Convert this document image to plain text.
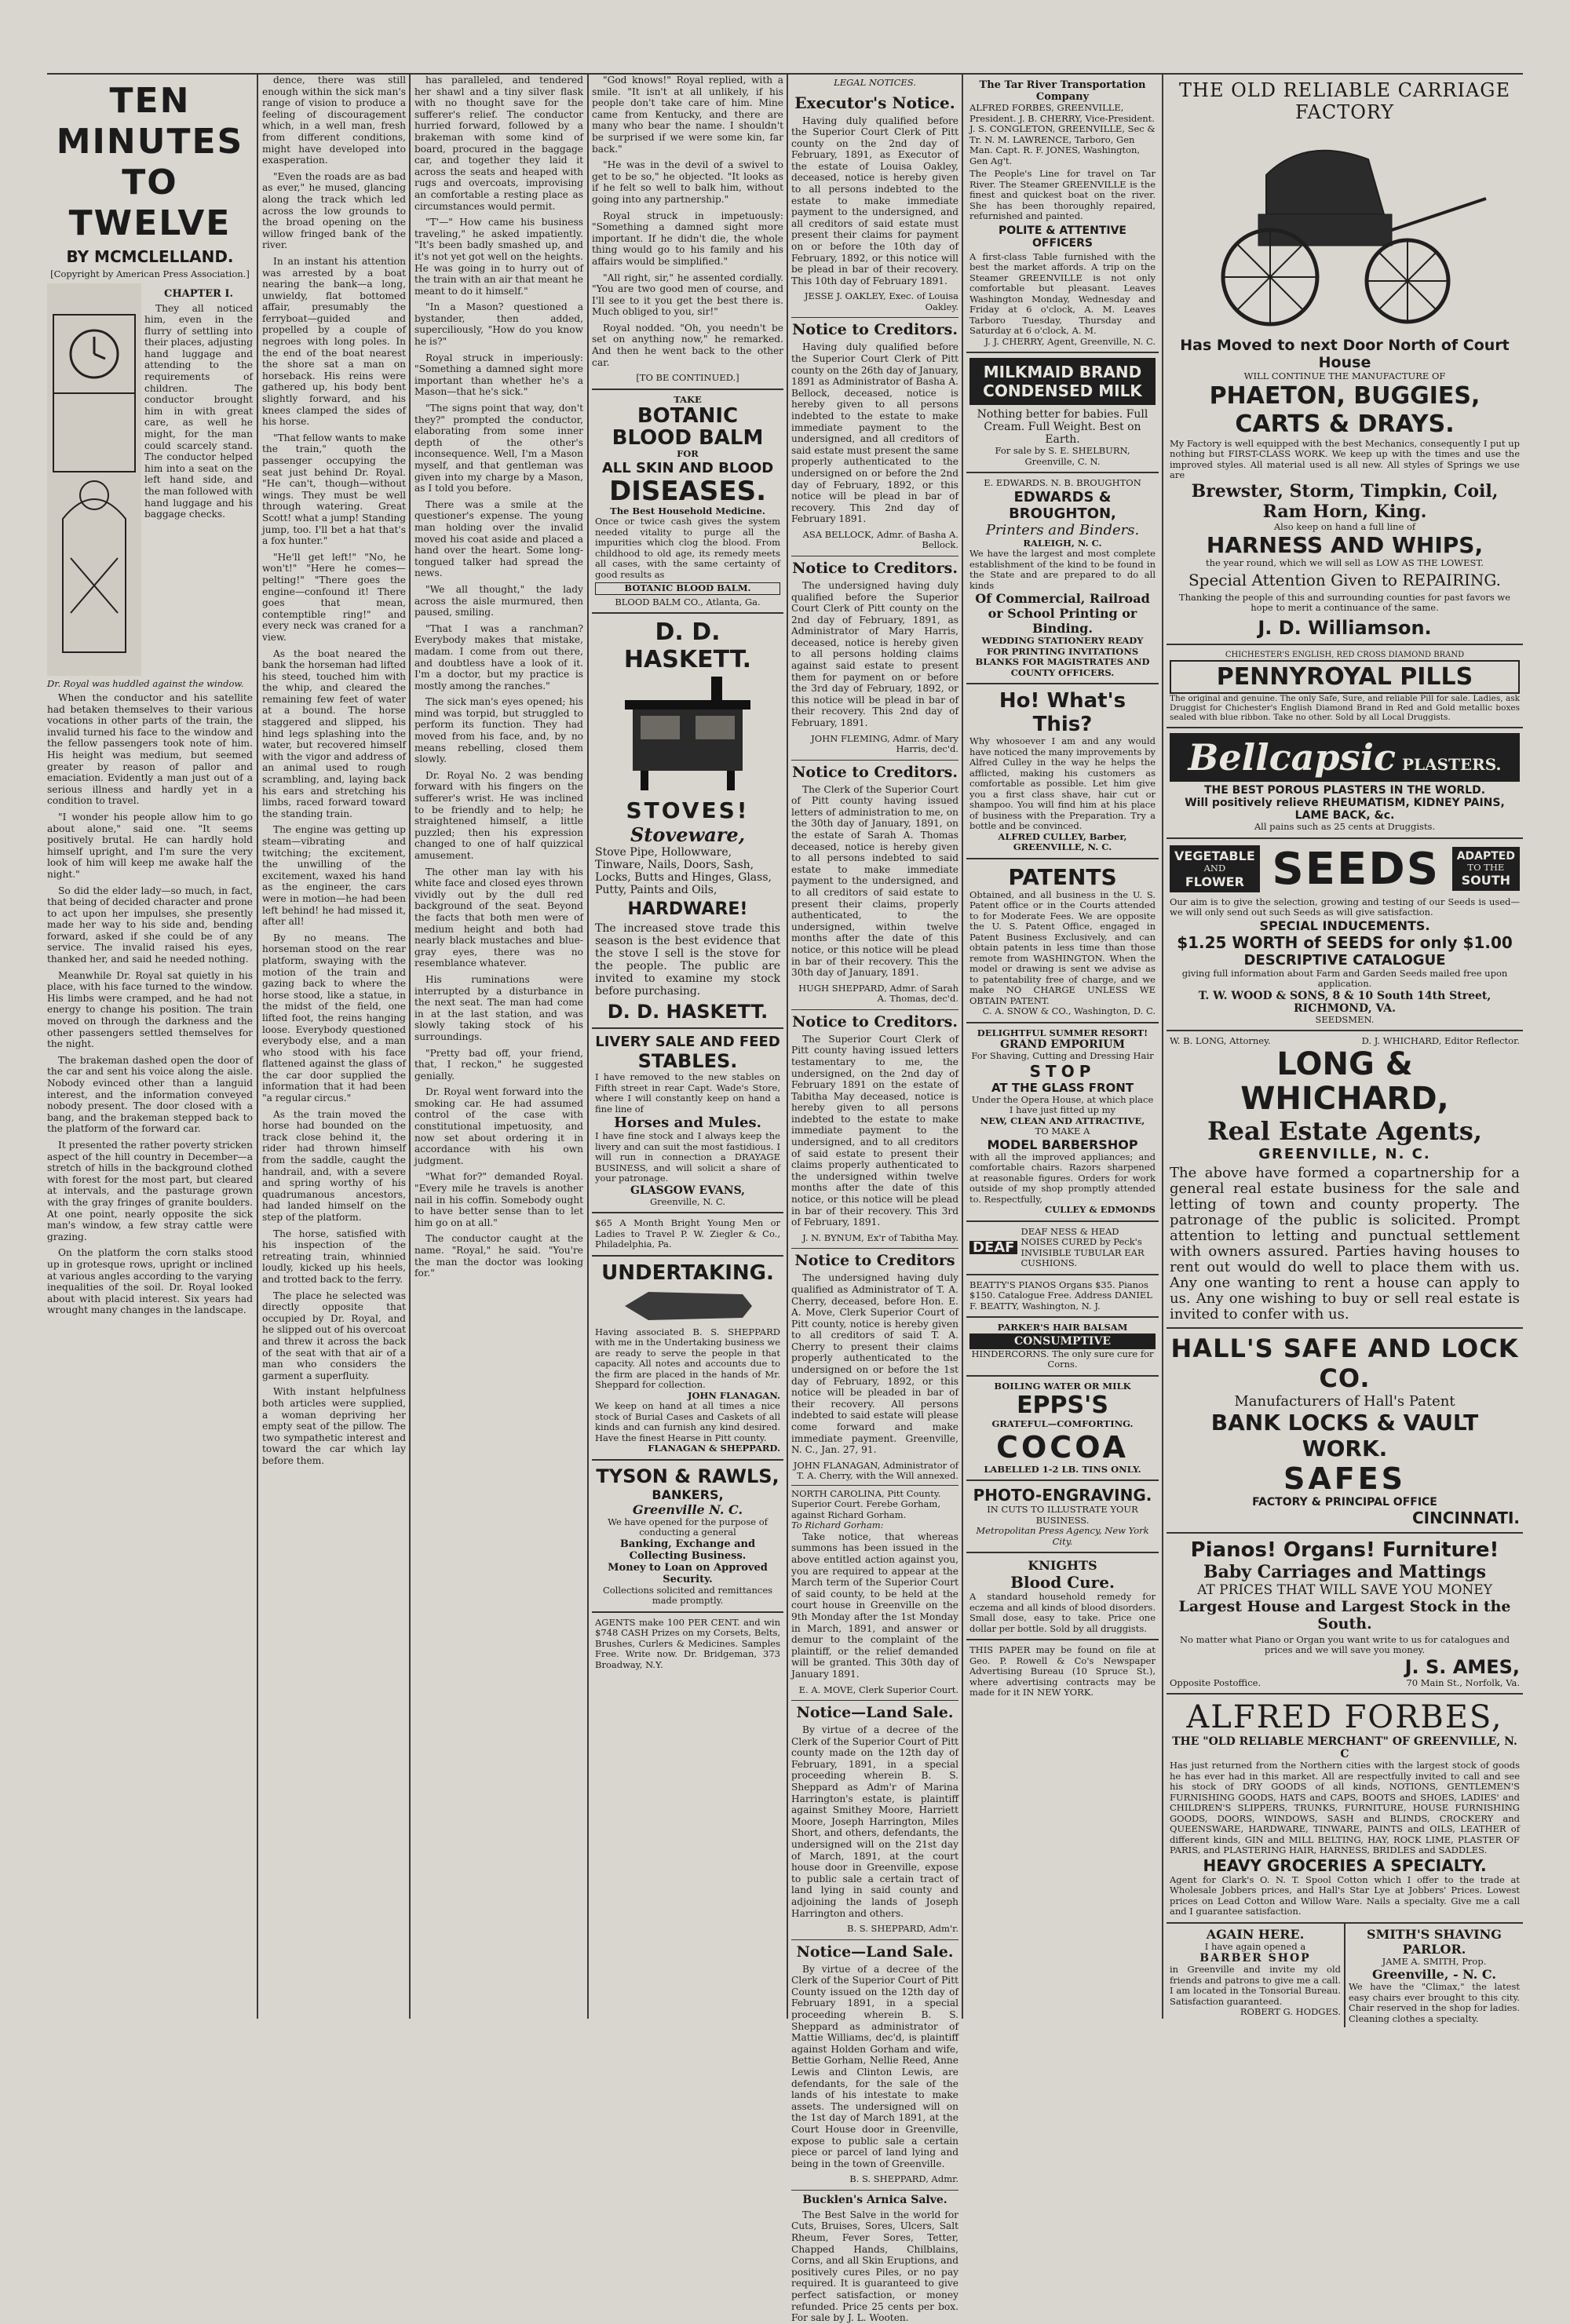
TEN MINUTES
TO TWELVE
BY MCMCLELLAND.
[Copyright by American Press Association.]
CHAPTER I.

They all noticed him, even in the flurry of settling into their places, adjusting hand luggage and attending to the requirements of children. The conductor brought him in with great care, as well he might, for the man could scarcely stand. The conductor helped him into a seat on the left hand side, and the man followed with hand luggage and his baggage checks.

Dr. Royal was huddled against the window.

When the conductor and his satellite had betaken themselves to their various vocations in other parts of the train, the invalid turned his face to the window and the fellow passengers took note of him. His height was medium, but seemed greater by reason of pallor and emaciation. Evidently a man just out of a serious illness and hardly yet in a condition to travel.

"I wonder his people allow him to go about alone," said one. "It seems positively brutal. He can hardly hold himself upright, and I'm sure the very look of him will keep me awake half the night."

So did the elder lady—so much, in fact, that being of decided character and prone to act upon her impulses, she presently made her way to his side and, bending forward, asked if she could be of any service. The invalid raised his eyes, thanked her, and said he needed nothing.

Meanwhile Dr. Royal sat quietly in his place, with his face turned to the window. His limbs were cramped, and he had not energy to change his position. The train moved on through the darkness and the other passengers settled themselves for the night.

The brakeman dashed open the door of the car and sent his voice along the aisle. Nobody evinced other than a languid interest, and the information conveyed nobody present. The door closed with a bang, and the brakeman stepped back to the platform of the forward car.

It presented the rather poverty stricken aspect of the hill country in December—a stretch of hills in the background clothed with forest for the most part, but cleared at intervals, and the pasturage grown with the gray fringes of granite boulders. At one point, nearly opposite the sick man's window, a few stray cattle were grazing.

On the platform the corn stalks stood up in grotesque rows, upright or inclined at various angles according to the varying inequalities of the soil. Dr. Royal looked about with placid interest. Six years had wrought many changes in the landscape.

dence, there was still enough within the sick man's range of vision to produce a feeling of discouragement which, in a well man, fresh from different conditions, might have developed into exasperation.

"Even the roads are as bad as ever," he mused, glancing along the track which led across the low grounds to the broad opening on the willow fringed bank of the river.

In an instant his attention was arrested by a boat nearing the bank—a long, unwieldy, flat bottomed affair, presumably the ferryboat—guided and propelled by a couple of negroes with long poles. In the end of the boat nearest the shore sat a man on horseback. His reins were gathered up, his body bent slightly forward, and his knees clamped the sides of his horse.

"That fellow wants to make the train," quoth the passenger occupying the seat just behind Dr. Royal. "He can't, though—without wings. They must be well through watering. Great Scott! what a jump! Standing jump, too. I'll bet a hat that's a fox hunter."

"He'll get left!" "No, he won't!" "Here he comes—pelting!" "There goes the engine—confound it! There goes that mean, contemptible ring!" and every neck was craned for a view.

As the boat neared the bank the horseman had lifted his steed, touched him with the whip, and cleared the remaining few feet of water at a bound. The horse staggered and slipped, his hind legs splashing into the water, but recovered himself with the vigor and address of an animal used to rough scrambling, and, laying back his ears and stretching his limbs, raced forward toward the standing train.

The engine was getting up steam—vibrating and twitching; the excitement, the unwilling of the excitement, waxed his hand as the engineer, the cars were in motion—he had been left behind! he had missed it, after all!

By no means. The horseman stood on the rear platform, swaying with the motion of the train and gazing back to where the horse stood, like a statue, in the midst of the field, one lifted foot, the reins hanging loose. Everybody questioned everybody else, and a man who stood with his face flattened against the glass of the car door supplied the information that it had been "a regular circus."

As the train moved the horse had bounded on the track close behind it, the rider had thrown himself from the saddle, caught the handrail, and, with a severe and spring worthy of his quadrumanous ancestors, had landed himself on the step of the platform.

The horse, satisfied with his inspection of the retreating train, whinnied loudly, kicked up his heels, and trotted back to the ferry.

The place he selected was directly opposite that occupied by Dr. Royal, and he slipped out of his overcoat and threw it across the back of the seat with that air of a man who considers the garment a superfluity.

With instant helpfulness both articles were supplied, a woman depriving her empty seat of the pillow. The two sympathetic interest and toward the car which lay before them.

has paralleled, and tendered her shawl and a tiny silver flask with no thought save for the sufferer's relief. The conductor hurried forward, followed by a brakeman with some kind of board, procured in the baggage car, and together they laid it across the seats and heaped with rugs and overcoats, improvising an comfortable a resting place as circumstances would permit.

"T'—" How came his business traveling," he asked impatiently. "It's been badly smashed up, and it's not yet got well on the heights. He was going in to hurry out of the train with an air that meant he meant to do it himself."

"In a Mason? questioned a bystander, then added, superciliously, "How do you know he is?"

Royal struck in imperiously: "Something a damned sight more important than whether he's a Mason—that he's sick."

"The signs point that way, don't they?" prompted the conductor, elaborating from some inner depth of the other's inconsequence. Well, I'm a Mason myself, and that gentleman was given into my charge by a Mason, as I told you before.

There was a smile at the questioner's expense. The young man holding over the invalid moved his coat aside and placed a hand over the heart. Some long-tongued talker had spread the news.

"We all thought," the lady across the aisle murmured, then paused, smiling.

"That I was a ranchman? Everybody makes that mistake, madam. I come from out there, and doubtless have a look of it. I'm a doctor, but my practice is mostly among the ranches."

The sick man's eyes opened; his mind was torpid, but struggled to perform its function. They had moved from his face, and, by no means rebelling, closed them slowly.

Dr. Royal No. 2 was bending forward with his fingers on the sufferer's wrist. He was inclined to be friendly and to help; he straightened himself, a little puzzled; then his expression changed to one of half quizzical amusement.

The other man lay with his white face and closed eyes thrown vividly out by the dull red background of the seat. Beyond the facts that both men were of medium height and both had nearly black mustaches and blue-gray eyes, there was no resemblance whatever.

His ruminations were interrupted by a disturbance in the next seat. The man had come in at the last station, and was slowly taking stock of his surroundings.

"Pretty bad off, your friend, that, I reckon," he suggested genially.

Dr. Royal went forward into the smoking car. He had assumed control of the case with constitutional impetuosity, and now set about ordering it in accordance with his own judgment.

"What for?" demanded Royal. "Every mile he travels is another nail in his coffin. Somebody ought to have better sense than to let him go on at all."

The conductor caught at the name. "Royal," he said. "You're the man the doctor was looking for."

"God knows!" Royal replied, with a smile. "It isn't at all unlikely, if his people don't take care of him. Mine came from Kentucky, and there are many who bear the name. I shouldn't be surprised if we were some kin, far back."

"He was in the devil of a swivel to get to be so," he objected. "It looks as if he felt so well to balk him, without going into any partnership."

Royal struck in impetuously: "Something a damned sight more important. If he didn't die, the whole thing would go to his family and his affairs would be simplified."

"All right, sir," he assented cordially. "You are two good men of course, and I'll see to it you get the best there is. Much obliged to you, sir!"

Royal nodded. "Oh, you needn't be set on anything now," he remarked. And then he went back to the other car.

[TO BE CONTINUED.]
TAKE
BOTANIC BLOOD BALM
FOR
ALL SKIN AND BLOOD
DISEASES.
The Best Household Medicine.
Once or twice cash gives the system needed vitality to purge all the impurities which clog the blood. From childhood to old age, its remedy meets all cases, with the same certainty of good results as
BOTANIC BLOOD BALM.
BLOOD BALM CO., Atlanta, Ga.
D. D. HASKETT.
STOVES!
Stoveware,
Stove Pipe, Hollowware, Tinware, Nails, Doors, Sash, Locks, Butts and Hinges, Glass, Putty, Paints and Oils,
HARDWARE!
The increased stove trade this season is the best evidence that the stove I sell is the stove for the people. The public are invited to examine my stock before purchasing.
D. D. HASKETT.
LIVERY SALE AND FEED
STABLES.
I have removed to the new stables on Fifth street in rear Capt. Wade's Store, where I will constantly keep on hand a fine line of
Horses and Mules.
I have fine stock and I always keep the livery and can suit the most fastidious. I will run in connection a DRAYAGE BUSINESS, and will solicit a share of your patronage.
GLASGOW EVANS,
Greenville, N. C.
$65 A Month Bright Young Men or Ladies to Travel P. W. Ziegler & Co., Philadelphia, Pa.
UNDERTAKING.
Having associated B. S. SHEPPARD with me in the Undertaking business we are ready to serve the people in that capacity. All notes and accounts due to the firm are placed in the hands of Mr. Sheppard for collection.
JOHN FLANAGAN.
We keep on hand at all times a nice stock of Burial Cases and Caskets of all kinds and can furnish any kind desired. Have the finest Hearse in Pitt county.
FLANAGAN & SHEPPARD.
TYSON & RAWLS,
BANKERS,
Greenville N. C.
We have opened for the purpose of conducting a general
Banking, Exchange and Collecting Business.
Money to Loan on Approved Security.
Collections solicited and remittances made promptly.
AGENTS make 100 PER CENT. and win $748 CASH Prizes on my Corsets, Belts, Brushes, Curlers & Medicines. Samples Free. Write now. Dr. Bridgeman, 373 Broadway, N.Y.
LEGAL NOTICES.
Executor's Notice.

Having duly qualified before the Superior Court Clerk of Pitt county on the 2nd day of February, 1891, as Executor of the estate of Louisa Oakley, deceased, notice is hereby given to all persons indebted to the estate to make immediate payment to the undersigned, and all creditors of said estate must present their claims for payment on or before the 10th day of February, 1892, or this notice will be plead in bar of their recovery. This 10th day of February 1891.

JESSE J. OAKLEY, Exec. of Louisa Oakley.
Notice to Creditors.

Having duly qualified before the Superior Court Clerk of Pitt county on the 26th day of January, 1891 as Administrator of Basha A. Bellock, deceased, notice is hereby given to all persons indebted to the estate to make immediate payment to the undersigned, and all creditors of said estate must present the same properly authenticated to the undersigned on or before the 2nd day of February, 1892, or this notice will be plead in bar of recovery. This 2nd day of February 1891.

ASA BELLOCK, Admr. of Basha A. Bellock.
Notice to Creditors.

The undersigned having duly qualified before the Superior Court Clerk of Pitt county on the 2nd day of February, 1891, as Administrator of Mary Harris, deceased, notice is hereby given to all persons holding claims against said estate to present them for payment on or before the 3rd day of February, 1892, or this notice will be plead in bar of their recovery. This 2nd day of February, 1891.

JOHN FLEMING, Admr. of Mary Harris, dec'd.
Notice to Creditors.

The Clerk of the Superior Court of Pitt county having issued letters of administration to me, on the 30th day of January, 1891, on the estate of Sarah A. Thomas deceased, notice is hereby given to all persons indebted to said estate to make immediate payment to the undersigned, and to all creditors of said estate to present their claims, properly authenticated, to the undersigned, within twelve months after the date of this notice, or this notice will be plead in bar of their recovery. This the 30th day of January, 1891.

HUGH SHEPPARD, Admr. of Sarah A. Thomas, dec'd.
Notice to Creditors.

The Superior Court Clerk of Pitt county having issued letters testamentary to me, the undersigned, on the 2nd day of February 1891 on the estate of Tabitha May deceased, notice is hereby given to all persons indebted to the estate to make immediate payment to the undersigned, and to all creditors of said estate to present their claims properly authenticated to the undersigned within twelve months after the date of this notice, or this notice will be plead in bar of their recovery. This 3rd of February, 1891.

J. N. BYNUM, Ex'r of Tabitha May.
Notice to Creditors

The undersigned having duly qualified as Administrator of T. A. Cherry, deceased, before Hon. E. A. Move, Clerk Superior Court of Pitt county, notice is hereby given to all creditors of said T. A. Cherry to present their claims properly authenticated to the undersigned on or before the 1st day of February, 1892, or this notice will be pleaded in bar of their recovery. All persons indebted to said estate will please come forward and make immediate payment. Greenville, N. C., Jan. 27, 91.

JOHN FLANAGAN, Administrator of T. A. Cherry, with the Will annexed.
NORTH CAROLINA, Pitt County. Superior Court. Ferebe Gorham, against Richard Gorham.
To Richard Gorham:

Take notice, that whereas summons has been issued in the above entitled action against you, you are required to appear at the March term of the Superior Court of said county, to be held at the court house in Greenville on the 9th Monday after the 1st Monday in March, 1891, and answer or demur to the complaint of the plaintiff, or the relief demanded will be granted. This 30th day of January 1891.

E. A. MOVE, Clerk Superior Court.
Notice—Land Sale.

By virtue of a decree of the Clerk of the Superior Court of Pitt county made on the 12th day of February, 1891, in a special proceeding wherein B. S. Sheppard as Adm'r of Marina Harrington's estate, is plaintiff against Smithey Moore, Harriett Moore, Joseph Harrington, Miles Short, and others, defendants, the undersigned will on the 21st day of March, 1891, at the court house door in Greenville, expose to public sale a certain tract of land lying in said county and adjoining the lands of Joseph Harrington and others.

B. S. SHEPPARD, Adm'r.
Notice—Land Sale.

By virtue of a decree of the Clerk of the Superior Court of Pitt County issued on the 12th day of February 1891, in a special proceeding wherein B. S. Sheppard as administrator of Mattie Williams, dec'd, is plaintiff against Holden Gorham and wife, Bettie Gorham, Nellie Reed, Anne Lewis and Clinton Lewis, are defendants, for the sale of the lands of his intestate to make assets. The undersigned will on the 1st day of March 1891, at the Court House door in Greenville, expose to public sale a certain piece or parcel of land lying and being in the town of Greenville.

B. S. SHEPPARD, Admr.
Bucklen's Arnica Salve.

The Best Salve in the world for Cuts, Bruises, Sores, Ulcers, Salt Rheum, Fever Sores, Tetter, Chapped Hands, Chilblains, Corns, and all Skin Eruptions, and positively cures Piles, or no pay required. It is guaranteed to give perfect satisfaction, or money refunded. Price 25 cents per box. For sale by J. L. Wooten.

The Tar River Transportation Company
ALFRED FORBES, GREENVILLE, President. J. B. CHERRY, Vice-President. J. S. CONGLETON, GREENVILLE, Sec & Tr. N. M. LAWRENCE, Tarboro, Gen Man. Capt. R. F. JONES, Washington, Gen Ag't.
The People's Line for travel on Tar River. The Steamer GREENVILLE is the finest and quickest boat on the river. She has been thoroughly repaired, refurnished and painted.
POLITE & ATTENTIVE OFFICERS
A first-class Table furnished with the best the market affords. A trip on the Steamer GREENVILLE is not only comfortable but pleasant. Leaves Washington Monday, Wednesday and Friday at 6 o'clock, A. M. Leaves Tarboro Tuesday, Thursday and Saturday at 6 o'clock, A. M.
J. J. CHERRY, Agent, Greenville, N. C.
MILKMAID BRAND CONDENSED MILK
Nothing better for babies. Full Cream. Full Weight. Best on Earth.
For sale by S. E. SHELBURN, Greenville, C. N.
E. EDWARDS. N. B. BROUGHTON
EDWARDS & BROUGHTON,
Printers and Binders.
RALEIGH, N. C.
We have the largest and most complete establishment of the kind to be found in the State and are prepared to do all kinds
Of Commercial, Railroad or School Printing or Binding.
WEDDING STATIONERY READY FOR PRINTING INVITATIONS BLANKS FOR MAGISTRATES AND COUNTY OFFICERS.
Ho! What's This?
Why whosoever I am and any would have noticed the many improvements by Alfred Culley in the way he helps the afflicted, making his customers as comfortable as possible. Let him give you a first class shave, hair cut or shampoo. You will find him at his place of business with the Preparation. Try a bottle and be convinced.
ALFRED CULLEY, Barber, GREENVILLE, N. C.
PATENTS
Obtained, and all business in the U. S. Patent office or in the Courts attended to for Moderate Fees. We are opposite the U. S. Patent Office, engaged in Patent Business Exclusively, and can obtain patents in less time than those remote from WASHINGTON. When the model or drawing is sent we advise as to patentability free of charge, and we make NO CHARGE UNLESS WE OBTAIN PATENT.
C. A. SNOW & CO., Washington, D. C.
DELIGHTFUL SUMMER RESORT!
GRAND EMPORIUM
For Shaving, Cutting and Dressing Hair
STOP
AT THE GLASS FRONT
Under the Opera House, at which place I have just fitted up my
NEW, CLEAN AND ATTRACTIVE,
TO MAKE A
MODEL BARBERSHOP
with all the improved appliances; and comfortable chairs. Razors sharpened at reasonable figures. Orders for work outside of my shop promptly attended to. Respectfully,
CULLEY & EDMONDS
DEAF
DEAF NESS & HEAD NOISES CURED by Peck's INVISIBLE TUBULAR EAR CUSHIONS.
BEATTY'S PIANOS Organs $35. Pianos $150. Catalogue Free. Address DANIEL F. BEATTY, Washington, N. J.
PARKER'S HAIR BALSAM
CONSUMPTIVE
HINDERCORNS. The only sure cure for Corns.
BOILING WATER OR MILK
EPPS'S
GRATEFUL—COMFORTING.
COCOA
LABELLED 1-2 LB. TINS ONLY.
PHOTO-ENGRAVING.
IN CUTS TO ILLUSTRATE YOUR BUSINESS.
Metropolitan Press Agency, New York City.
KNIGHTS
Blood Cure.
A standard household remedy for eczema and all kinds of blood disorders. Small dose, easy to take. Price one dollar per bottle. Sold by all druggists.
THIS PAPER may be found on file at Geo. P. Rowell & Co's Newspaper Advertising Bureau (10 Spruce St.), where advertising contracts may be made for it IN NEW YORK.
THE OLD RELIABLE CARRIAGE FACTORY
Has Moved to next Door North of Court House
WILL CONTINUE THE MANUFACTURE OF
PHAETON, BUGGIES, CARTS & DRAYS.
My Factory is well equipped with the best Mechanics, consequently I put up nothing but FIRST-CLASS WORK. We keep up with the times and use the improved styles. All material used is all new. All styles of Springs we use are
Brewster, Storm, Timpkin, Coil, Ram Horn, King.
Also keep on hand a full line of
HARNESS AND WHIPS,
the year round, which we will sell as LOW AS THE LOWEST.
Special Attention Given to REPAIRING.
Thanking the people of this and surrounding counties for past favors we hope to merit a continuance of the same.
J. D. Williamson.
CHICHESTER'S ENGLISH, RED CROSS DIAMOND BRAND
PENNYROYAL PILLS
The original and genuine. The only Safe, Sure, and reliable Pill for sale. Ladies, ask Druggist for Chichester's English Diamond Brand in Red and Gold metallic boxes sealed with blue ribbon. Take no other. Sold by all Local Druggists.
Bellcapsic PLASTERS.
THE BEST POROUS PLASTERS IN THE WORLD.
Will positively relieve RHEUMATISM, KIDNEY PAINS, LAME BACK, &c.
All pains such as 25 cents at Druggists.
VEGETABLE
AND
FLOWER SEEDS ADAPTED
TO THE
SOUTH
Our aim is to give the selection, growing and testing of our Seeds is used—we will only send out such Seeds as will give satisfaction.
SPECIAL INDUCEMENTS.
$1.25 WORTH of SEEDS for only $1.00
DESCRIPTIVE CATALOGUE
giving full information about Farm and Garden Seeds mailed free upon application.
T. W. WOOD & SONS, 8 & 10 South 14th Street, RICHMOND, VA.
SEEDSMEN.
W. B. LONG, Attorney.	D. J. WHICHARD, Editor Reflector.
LONG & WHICHARD,
Real Estate Agents,
GREENVILLE, N. C.
The above have formed a copartnership for a general real estate business for the sale and letting of town and county property. The patronage of the public is solicited. Prompt attention to letting and punctual settlement with owners assured. Parties having houses to rent out would do well to place them with us. Any one wanting to rent a house can apply to us. Any one wishing to buy or sell real estate is invited to confer with us.
HALL'S SAFE AND LOCK CO.
Manufacturers of Hall's Patent
BANK LOCKS & VAULT WORK.
SAFES
FACTORY & PRINCIPAL OFFICE
CINCINNATI.
Pianos! Organs! Furniture!
Baby Carriages and Mattings
AT PRICES THAT WILL SAVE YOU MONEY
Largest House and Largest Stock in the South.
No matter what Piano or Organ you want write to us for catalogues and prices and we will save you money.
J. S. AMES,
Opposite Postoffice.	70 Main St., Norfolk, Va.
ALFRED FORBES,
THE "OLD RELIABLE MERCHANT" OF GREENVILLE, N. C
Has just returned from the Northern cities with the largest stock of goods he has ever had in this market. All are respectfully invited to call and see his stock of DRY GOODS of all kinds, NOTIONS, GENTLEMEN'S FURNISHING GOODS, HATS and CAPS, BOOTS and SHOES, LADIES' and CHILDREN'S SLIPPERS, TRUNKS, FURNITURE, HOUSE FURNISHING GOODS, DOORS, WINDOWS, SASH and BLINDS, CROCKERY and QUEENSWARE, HARDWARE, TINWARE, PAINTS and OILS, LEATHER of different kinds, GIN and MILL BELTING, HAY, ROCK LIME, PLASTER OF PARIS, and PLASTERING HAIR, HARNESS, BRIDLES and SADDLES.
HEAVY GROCERIES A SPECIALTY.
Agent for Clark's O. N. T. Spool Cotton which I offer to the trade at Wholesale Jobbers prices, and Hall's Star Lye at Jobbers' Prices. Lowest prices on Lead Cotton and Willow Ware. Nails a specialty. Give me a call and I guarantee satisfaction.
AGAIN HERE.
I have again opened a
BARBER SHOP
in Greenville and invite my old friends and patrons to give me a call. I am located in the Tonsorial Bureau. Satisfaction guaranteed.
ROBERT G. HODGES.
SMITH'S SHAVING PARLOR.
JAME A. SMITH, Prop.
Greenville, - N. C.
We have the "Climax," the latest easy chairs ever brought to this city. Chair reserved in the shop for ladies. Cleaning clothes a specialty.
